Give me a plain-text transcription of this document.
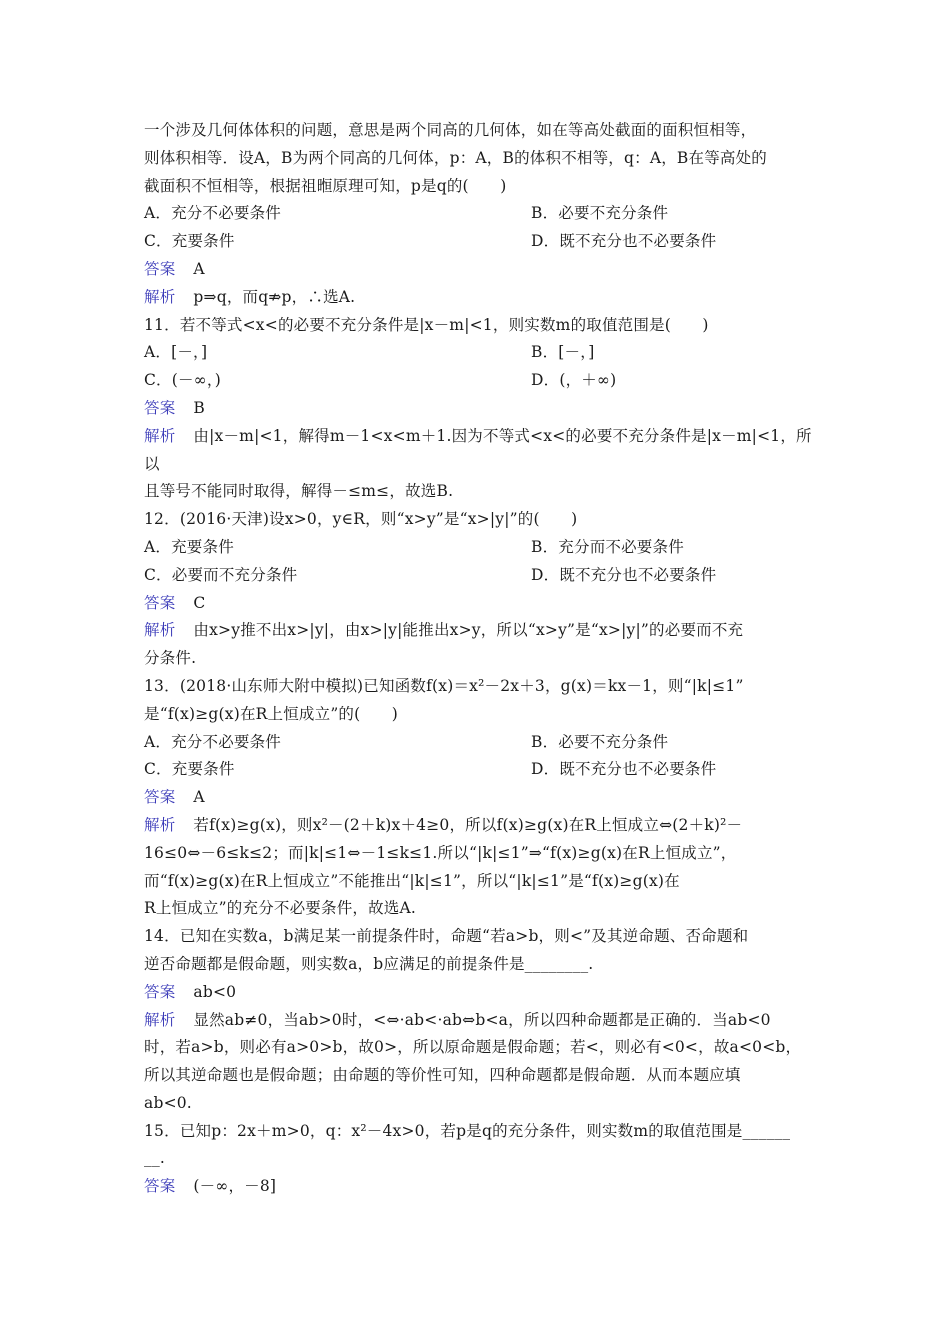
一个涉及几何体体积的问题，意思是两个同高的几何体，如在等高处截面的面积恒相等，
则体积相等．设A，B为两个同高的几何体，p：A，B的体积不相等，q：A，B在等高处的
截面积不恒相等，根据祖暅原理可知，p是q的(　　)
A．充分不必要条件	B．必要不充分条件
C．充要条件	D．既不充分也不必要条件
答案 A
解析 p⇒q，而q⇏p，∴选A.
11．若不等式<x<的必要不充分条件是|x－m|<1，则实数m的取值范围是(　　)
A．[－，]	B．[－，]
C．(－∞，)	D．(，＋∞)
答案 B
解析 由|x－m|<1，解得m－1<x<m＋1.因为不等式<x<的必要不充分条件是|x－m|<1，所
以
且等号不能同时取得，解得－≤m≤，故选B.
12．(2016·天津)设x>0，y∈R，则“x>y”是“x>|y|”的(　　)
A．充要条件	B．充分而不必要条件
C．必要而不充分条件	D．既不充分也不必要条件
答案 C
解析 由x>y推不出x>|y|，由x>|y|能推出x>y，所以“x>y”是“x>|y|”的必要而不充
分条件.
13．(2018·山东师大附中模拟)已知函数f(x)＝x²－2x＋3，g(x)＝kx－1，则“|k|≤1”
是“f(x)≥g(x)在R上恒成立”的(　　)
A．充分不必要条件	B．必要不充分条件
C．充要条件	D．既不充分也不必要条件
答案 A
解析 若f(x)≥g(x)，则x²－(2＋k)x＋4≥0，所以f(x)≥g(x)在R上恒成立⇔(2＋k)²－
16≤0⇔－6≤k≤2；而|k|≤1⇔－1≤k≤1.所以“|k|≤1”⇒“f(x)≥g(x)在R上恒成立”，
而“f(x)≥g(x)在R上恒成立”不能推出“|k|≤1”，所以“|k|≤1”是“f(x)≥g(x)在
R上恒成立”的充分不必要条件，故选A.
14．已知在实数a，b满足某一前提条件时，命题“若a>b，则<”及其逆命题、否命题和
逆否命题都是假命题，则实数a，b应满足的前提条件是________.
答案 ab<0
解析 显然ab≠0，当ab>0时，<⇔·ab<·ab⇔b<a，所以四种命题都是正确的．当ab<0
时，若a>b，则必有a>0>b，故0>，所以原命题是假命题；若<，则必有<0<，故a<0<b，
所以其逆命题也是假命题；由命题的等价性可知，四种命题都是假命题．从而本题应填
ab<0.
15．已知p：2x＋m>0，q：x²－4x>0，若p是q的充分条件，则实数m的取值范围是______
__.
答案 (－∞，－8]
